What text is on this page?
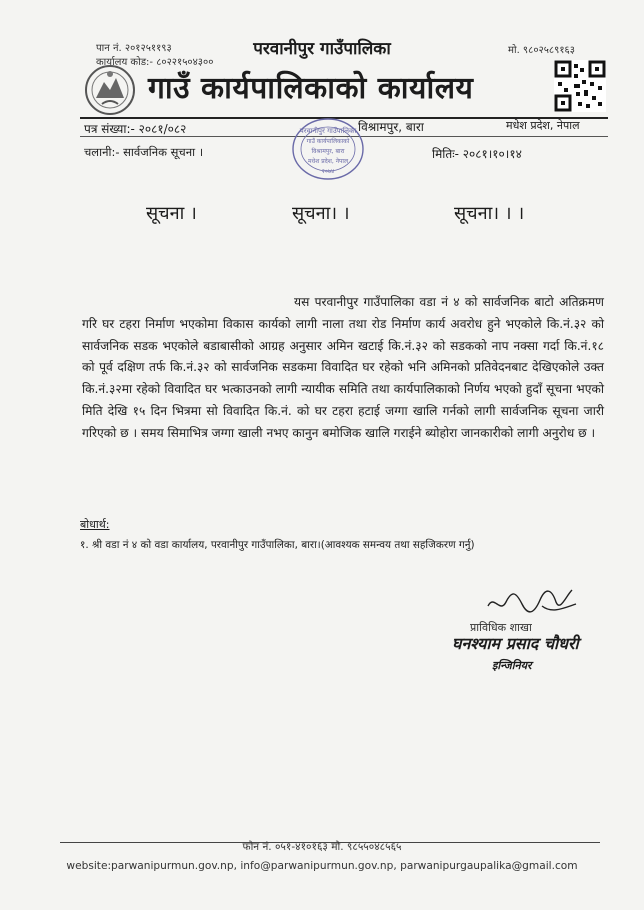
पान नं. २०१२५११९३
कार्यालय कोड:- ८०२२१५०४३००
परवानीपुर गाउँपालिका	मो. ९८०२५८९१६३
गाउँ कार्यपालिकाको कार्यालय
पत्र संख्या:- २०८१/०८२	विश्रामपुर, बारा	मधेश प्रदेश, नेपाल
चलानी:- सार्वजनिक सूचना ।	मितिः- २०८१।१०।१४
परवानीपुर गाउँपालिका
गाउँ कार्यपालिकाको
विश्रामपुर, बारा
मधेश प्रदेश, नेपाल
२०७४
सूचना ।	सूचना। ।	सूचना। । ।
यस परवानीपुर गाउँपालिका वडा नं ४ को सार्वजनिक बाटो अतिक्रमण गरि घर टहरा निर्माण भएकोमा विकास कार्यको लागी नाला तथा रोड निर्माण कार्य अवरोध हुने भएकोले कि.नं.३२ को सार्वजनिक सडक भएकोले बडाबासीको आग्रह अनुसार अमिन खटाई कि.नं.३२ को सडकको नाप नक्सा गर्दा कि.नं.१८ को पूर्व दक्षिण तर्फ कि.नं.३२ को सार्वजनिक सडकमा विवादित घर रहेको भनि अमिनको प्रतिवेदनबाट देखिएकोले उक्त कि.नं.३२मा रहेको विवादित घर भत्काउनको लागी न्यायीक समिति तथा कार्यपालिकाको निर्णय भएको हुदाँ सूचना भएको मिति देखि १५ दिन भित्रमा सो विवादित कि.नं. को घर टहरा हटाई जग्गा खालि गर्नको लागी सार्वजनिक सूचना जारी गरिएको छ । समय सिमाभित्र जग्गा खाली नभए कानुन बमोजिक खालि गराईने ब्योहोरा जानकारीको लागी अनुरोध छ ।
बोधार्थ:
१. श्री वडा नं ४ को वडा कार्यालय, परवानीपुर गाउँपालिका, बारा।(आवश्यक समन्वय तथा सहजिकरण गर्नु)
प्राविधिक शाखा
घनश्याम प्रसाद चौधरी
इन्जिनियर
फोन नं. ०५१-४१०१६३ मो. ९८५५०४८५६५
website:parwanipurmun.gov.np, info@parwanipurmun.gov.np, parwanipurgaupalika@gmail.com
